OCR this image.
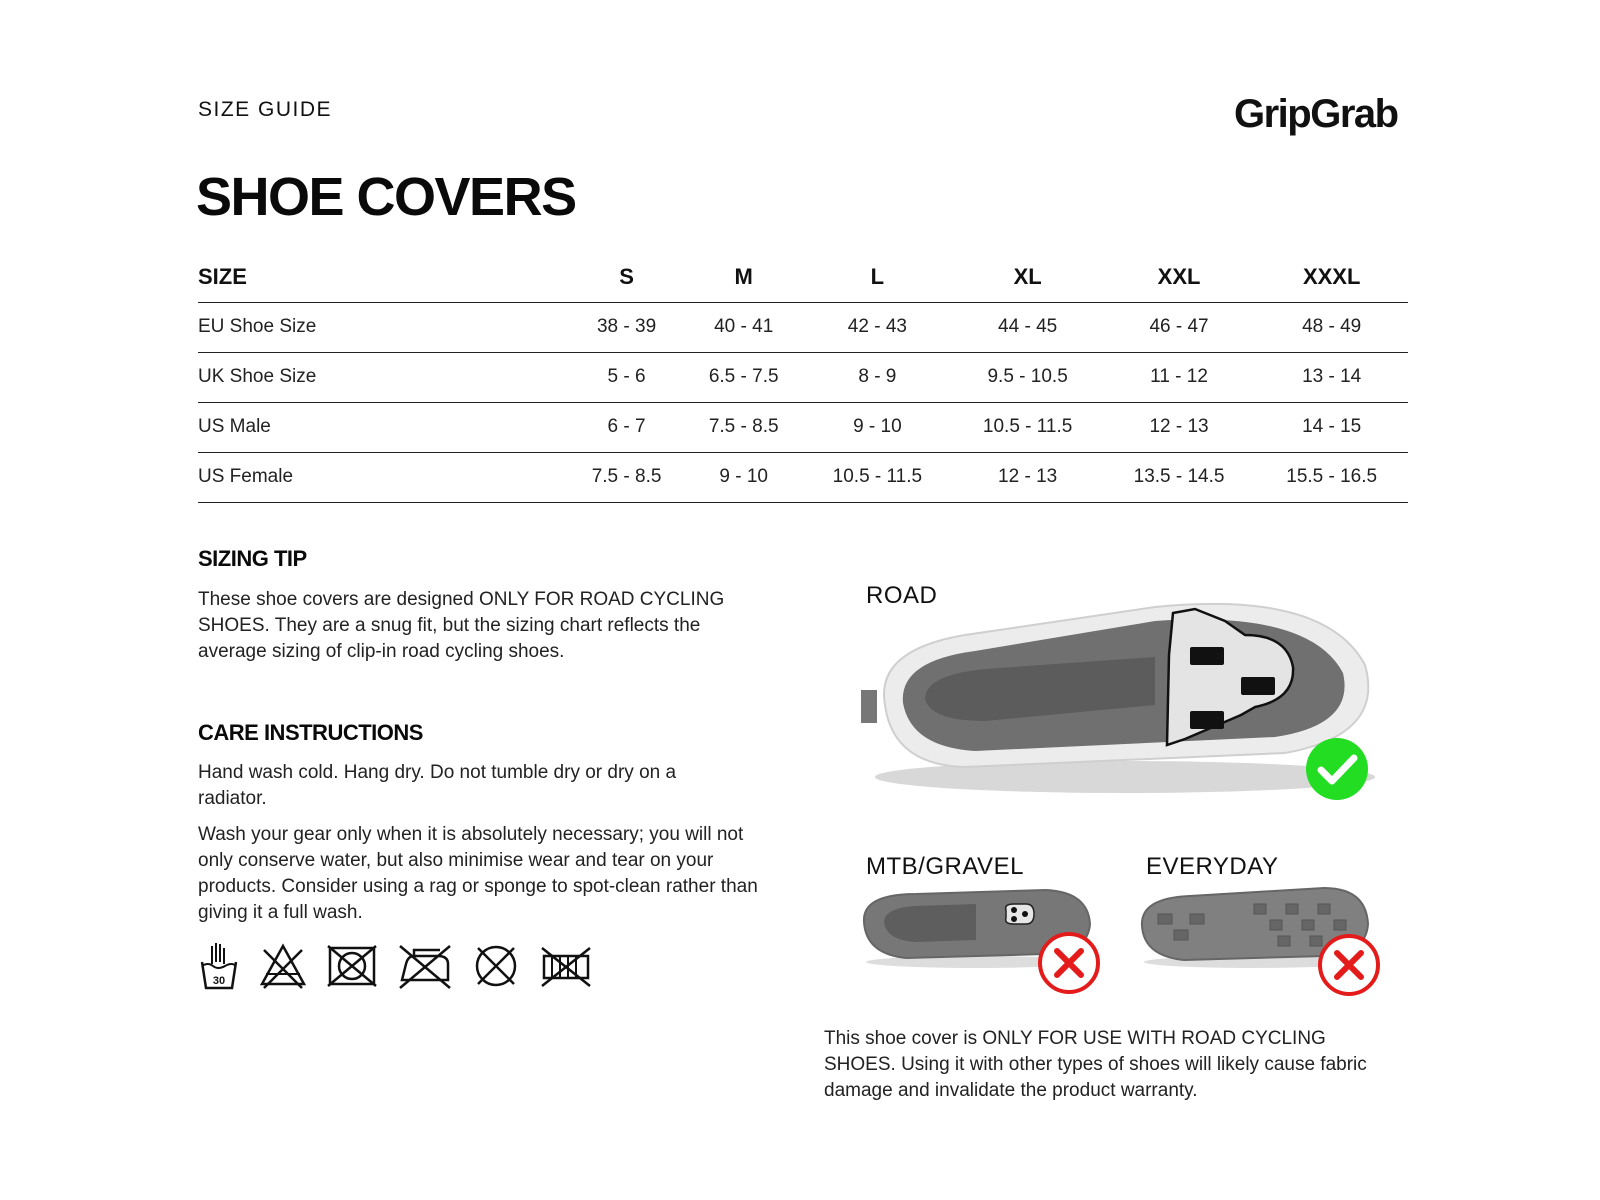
SIZE GUIDE	GripGrab
SHOE COVERS
SIZE	S	M	L	XL	XXL	XXXL
EU Shoe Size	38 - 39	40 - 41	42 - 43	44 - 45	46 - 47	48 - 49
UK Shoe Size	5 - 6	6.5 - 7.5	8 - 9	9.5 - 10.5	11 - 12	13 - 14
US Male	6 - 7	7.5 - 8.5	9 - 10	10.5 - 11.5	12 - 13	14 - 15
US Female	7.5 - 8.5	9 - 10	10.5 - 11.5	12 - 13	13.5 - 14.5	15.5 - 16.5
SIZING TIP

These shoe covers are designed ONLY FOR ROAD CYCLING SHOES. They are a snug fit, but the sizing chart reflects the average sizing of clip-in road cycling shoes.

CARE INSTRUCTIONS

Hand wash cold. Hang dry. Do not tumble dry or dry on a radiator.

Wash your gear only when it is absolutely necessary; you will not only conserve water, but also minimise wear and tear on your products. Consider using a rag or sponge to spot-clean rather than giving it a full wash.

30
ROAD
MTB/GRAVEL	EVERYDAY

This shoe cover is ONLY FOR USE WITH ROAD CYCLING SHOES. Using it with other types of shoes will likely cause fabric damage and invalidate the product warranty.
